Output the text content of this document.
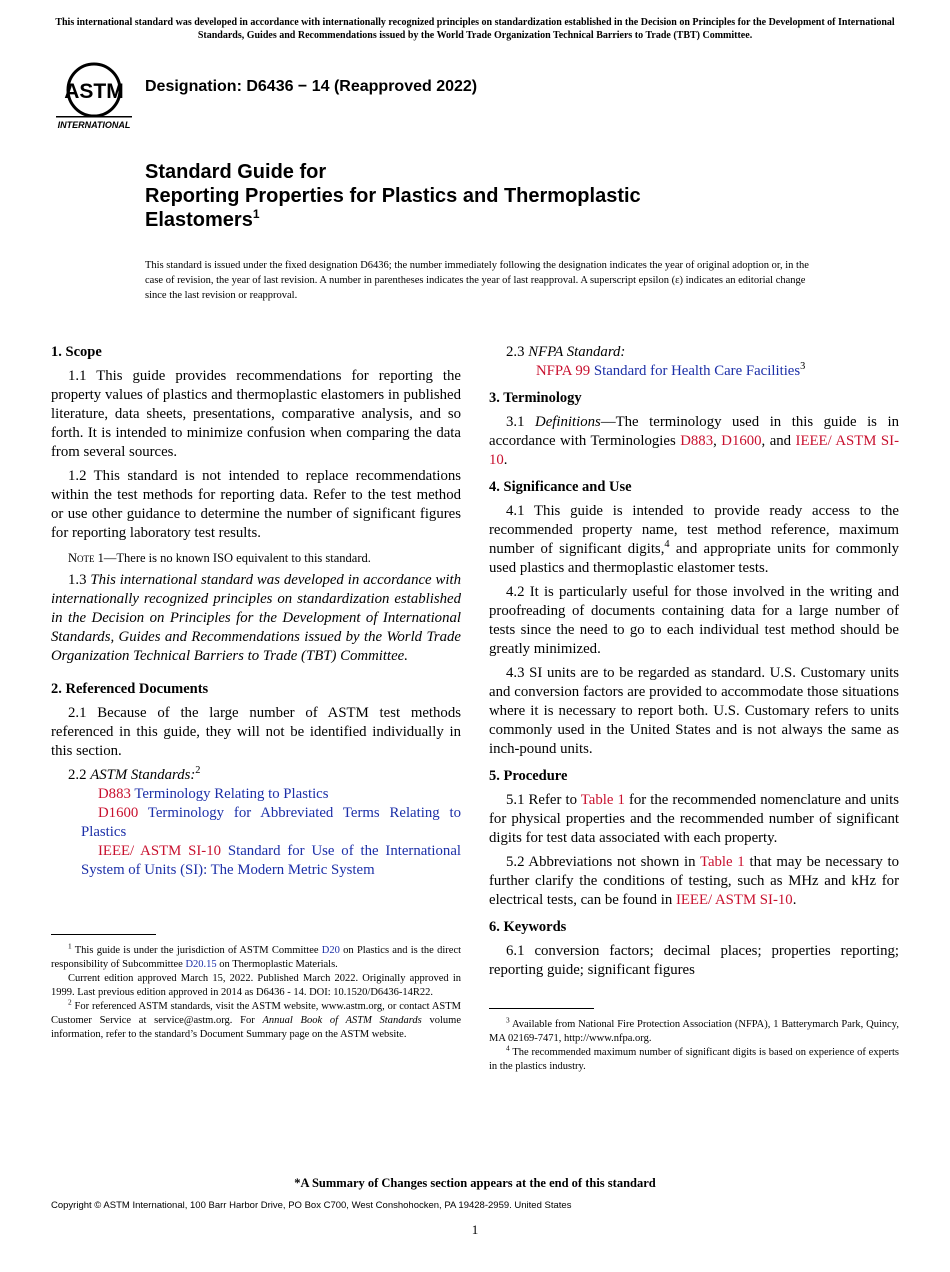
This international standard was developed in accordance with internationally recognized principles on standardization established in the Decision on Principles for the Development of International Standards, Guides and Recommendations issued by the World Trade Organization Technical Barriers to Trade (TBT) Committee.
ASTM
INTERNATIONAL
Designation: D6436 − 14 (Reapproved 2022)
Standard Guide for
Reporting Properties for Plastics and Thermoplastic
Elastomers$^1$
This standard is issued under the fixed designation D6436; the number immediately following the designation indicates the year of original adoption or, in the case of revision, the year of last revision. A number in parentheses indicates the year of last reapproval. A superscript epsilon (ε) indicates an editorial change since the last revision or reapproval.
1. Scope

1.1 This guide provides recommendations for reporting the property values of plastics and thermoplastic elastomers in published literature, data sheets, presentations, comparative analysis, and so forth. It is intended to minimize confusion when comparing the data from several sources.

1.2 This standard is not intended to replace recommendations within the test methods for reporting data. Refer to the test method or use other guidance to determine the number of significant figures for reporting laboratory test results.

Note 1—There is no known ISO equivalent to this standard.

1.3 This international standard was developed in accordance with internationally recognized principles on standardization established in the Decision on Principles for the Development of International Standards, Guides and Recommendations issued by the World Trade Organization Technical Barriers to Trade (TBT) Committee.

2. Referenced Documents

2.1 Because of the large number of ASTM test methods referenced in this guide, they will not be identified individually in this section.

2.2 ASTM Standards:$^2$

D883 Terminology Relating to Plastics

D1600 Terminology for Abbreviated Terms Relating to Plastics

IEEE/ ASTM SI-10 Standard for Use of the International System of Units (SI): The Modern Metric System

$^1$ This guide is under the jurisdiction of ASTM Committee D20 on Plastics and is the direct responsibility of Subcommittee D20.15 on Thermoplastic Materials.

Current edition approved March 15, 2022. Published March 2022. Originally approved in 1999. Last previous edition approved in 2014 as D6436 - 14. DOI: 10.1520/D6436-14R22.

$^2$ For referenced ASTM standards, visit the ASTM website, www.astm.org, or contact ASTM Customer Service at service@astm.org. For Annual Book of ASTM Standards volume information, refer to the standard’s Document Summary page on the ASTM website.

2.3 NFPA Standard:

NFPA 99 Standard for Health Care Facilities$^3$

3. Terminology

3.1 Definitions—The terminology used in this guide is in accordance with Terminologies D883, D1600, and IEEE/ ASTM SI-10.

4. Significance and Use

4.1 This guide is intended to provide ready access to the recommended property name, test method reference, maximum number of significant digits,$^4$ and appropriate units for commonly used plastics and thermoplastic elastomer tests.

4.2 It is particularly useful for those involved in the writing and proofreading of documents containing data for a large number of tests since the need to go to each individual test method should be greatly minimized.

4.3 SI units are to be regarded as standard. U.S. Customary units and conversion factors are provided to accommodate those situations where it is necessary to report both. U.S. Customary refers to units commonly used in the United States and is not always the same as inch-pound units.

5. Procedure

5.1 Refer to Table 1 for the recommended nomenclature and units for physical properties and the recommended number of significant digits for test data associated with each property.

5.2 Abbreviations not shown in Table 1 that may be necessary to further clarify the conditions of testing, such as MHz and kHz for electrical tests, can be found in IEEE/ ASTM SI-10.

6. Keywords

6.1 conversion factors; decimal places; properties reporting; reporting guide; significant figures

$^3$ Available from National Fire Protection Association (NFPA), 1 Batterymarch Park, Quincy, MA 02169-7471, http://www.nfpa.org.

$^4$ The recommended maximum number of significant digits is based on experience of experts in the plastics industry.

*A Summary of Changes section appears at the end of this standard
Copyright © ASTM International, 100 Barr Harbor Drive, PO Box C700, West Conshohocken, PA 19428-2959. United States
1
